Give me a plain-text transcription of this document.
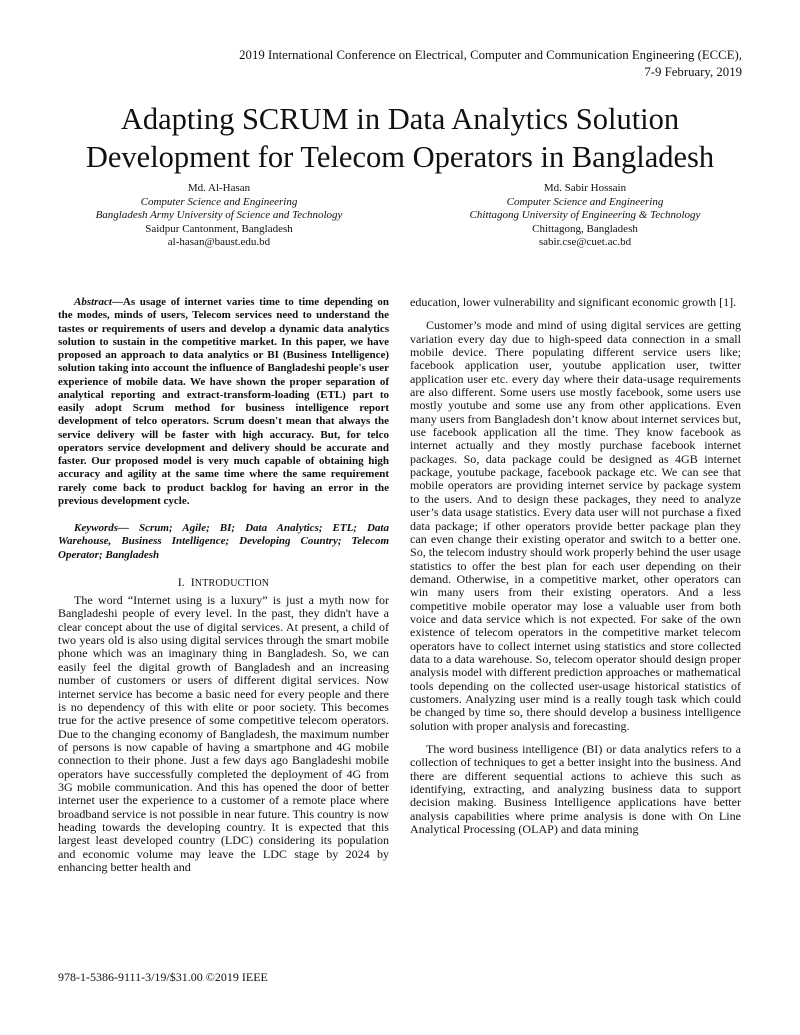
2019 International Conference on Electrical, Computer and Communication Engineering (ECCE),
7-9 February, 2019
Adapting SCRUM in Data Analytics Solution
Development for Telecom Operators in Bangladesh
Md. Al-Hasan
Computer Science and Engineering
Bangladesh Army University of Science and Technology
Saidpur Cantonment, Bangladesh
al-hasan@baust.edu.bd
Md. Sabir Hossain
Computer Science and Engineering
Chittagong University of Engineering & Technology
Chittagong, Bangladesh
sabir.cse@cuet.ac.bd

Abstract—As usage of internet varies time to time depending on the modes, minds of users, Telecom services need to understand the tastes or requirements of users and develop a dynamic data analytics solution to sustain in the competitive market. In this paper, we have proposed an approach to data analytics or BI (Business Intelligence) solution taking into account the influence of Bangladeshi people's user experience of mobile data. We have shown the proper separation of analytical reporting and extract-transform-loading (ETL) part to easily adopt Scrum method for business intelligence report development of telco operators. Scrum doesn't mean that always the service delivery will be faster with high accuracy. But, for telco operators service development and delivery should be accurate and faster. Our proposed model is very much capable of obtaining high accuracy and agility at the same time where the same requirement rarely come back to product backlog for having an error in the previous development cycle.

Keywords— Scrum; Agile; BI; Data Analytics; ETL; Data Warehouse, Business Intelligence; Developing Country; Telecom Operator; Bangladesh

I. INTRODUCTION

The word “Internet using is a luxury” is just a myth now for Bangladeshi people of every level. In the past, they didn't have a clear concept about the use of digital services. At present, a child of two years old is also using digital services through the smart mobile phone which was an imaginary thing in Bangladesh. So, we can easily feel the digital growth of Bangladesh and an increasing number of customers or users of different digital services. Now internet service has become a basic need for every people and there is no dependency of this with elite or poor society. This becomes true for the active presence of some competitive telecom operators. Due to the changing economy of Bangladesh, the maximum number of persons is now capable of having a smartphone and 4G mobile connection to their phone. Just a few days ago Bangladeshi mobile operators have successfully completed the deployment of 4G from 3G mobile communication. And this has opened the door of better internet user the experience to a customer of a remote place where broadband service is not possible in near future. This country is now heading towards the developing country. It is expected that this largest least developed country (LDC) considering its population and economic volume may leave the LDC stage by 2024 by enhancing better health and

education, lower vulnerability and significant economic growth [1].

Customer’s mode and mind of using digital services are getting variation every day due to high-speed data connection in a small mobile device. There populating different service users like; facebook application user, youtube application user, twitter application user etc. every day where their data-usage requirements are also different. Some users use mostly facebook, some users use mostly youtube and some use any from other applications. Even many users from Bangladesh don’t know about internet services but, use facebook application all the time. They know facebook as internet actually and they mostly purchase facebook internet packages. So, data package could be designed as 4GB internet package, youtube package, facebook package etc. We can see that mobile operators are providing internet service by package system to the users. And to design these packages, they need to analyze user’s data usage statistics. Every data user will not purchase a fixed data package; if other operators provide better package plan they can even change their existing operator and switch to a better one. So, the telecom industry should work properly behind the user usage statistics to offer the best plan for each user depending on their demand. Otherwise, in a competitive market, other operators can win many users from their existing operators. And a less competitive mobile operator may lose a valuable user from both voice and data service which is not expected. For sake of the own existence of telecom operators in the competitive market telecom operators have to collect internet using statistics and store collected data to a data warehouse. So, telecom operator should design proper analysis model with different prediction approaches or mathematical tools depending on the collected user-usage historical statistics of customers. Analyzing user mind is a really tough task which could be changed by time so, there should develop a business intelligence solution with proper analysis and forecasting.

The word business intelligence (BI) or data analytics refers to a collection of techniques to get a better insight into the business. And there are different sequential actions to achieve this such as identifying, extracting, and analyzing business data to support decision making. Business Intelligence applications have better analysis capabilities where prime analysis is done with On Line Analytical Processing (OLAP) and data mining

978-1-5386-9111-3/19/$31.00 ©2019 IEEE
